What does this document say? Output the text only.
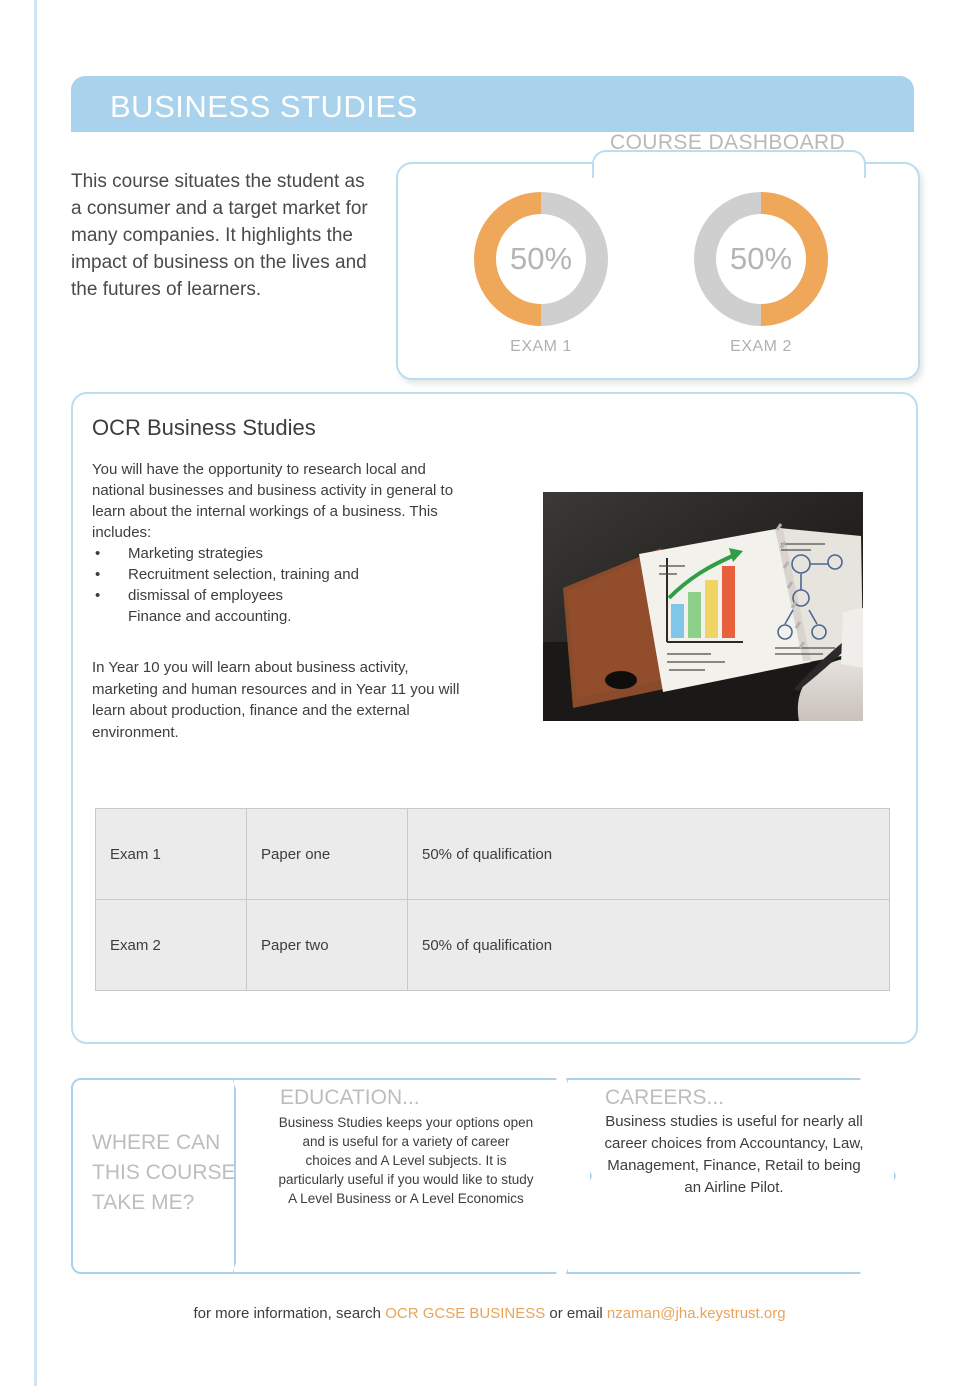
BUSINESS STUDIES
This course situates the student as a consumer and a target market for many companies. It highlights the impact of business on the lives and the futures of learners.
COURSE DASHBOARD
50%
EXAM 1
50%
EXAM 2
OCR Business Studies
You will have the opportunity to research local and national businesses and business activity in general to learn about the internal workings of a business. This includes:
• Marketing strategies
• Recruitment selection, training and
• dismissal of employees
Finance and accounting.
In Year 10 you will learn about business activity, marketing and human resources and in Year 11 you will learn about production, finance and the external environment.
Exam 1	Paper one	50% of qualification
Exam 2	Paper two	50% of qualification
WHERE CAN THIS COURSE TAKE ME?
EDUCATION...
Business Studies keeps your options open and is useful for a variety of career choices and A Level subjects. It is particularly useful if you would like to study A Level Business or A Level Economics
CAREERS...
Business studies is useful for nearly all career choices from Accountancy, Law, Management, Finance, Retail to being an Airline Pilot.
for more information, search OCR GCSE BUSINESS or email nzaman@jha.keystrust.org
